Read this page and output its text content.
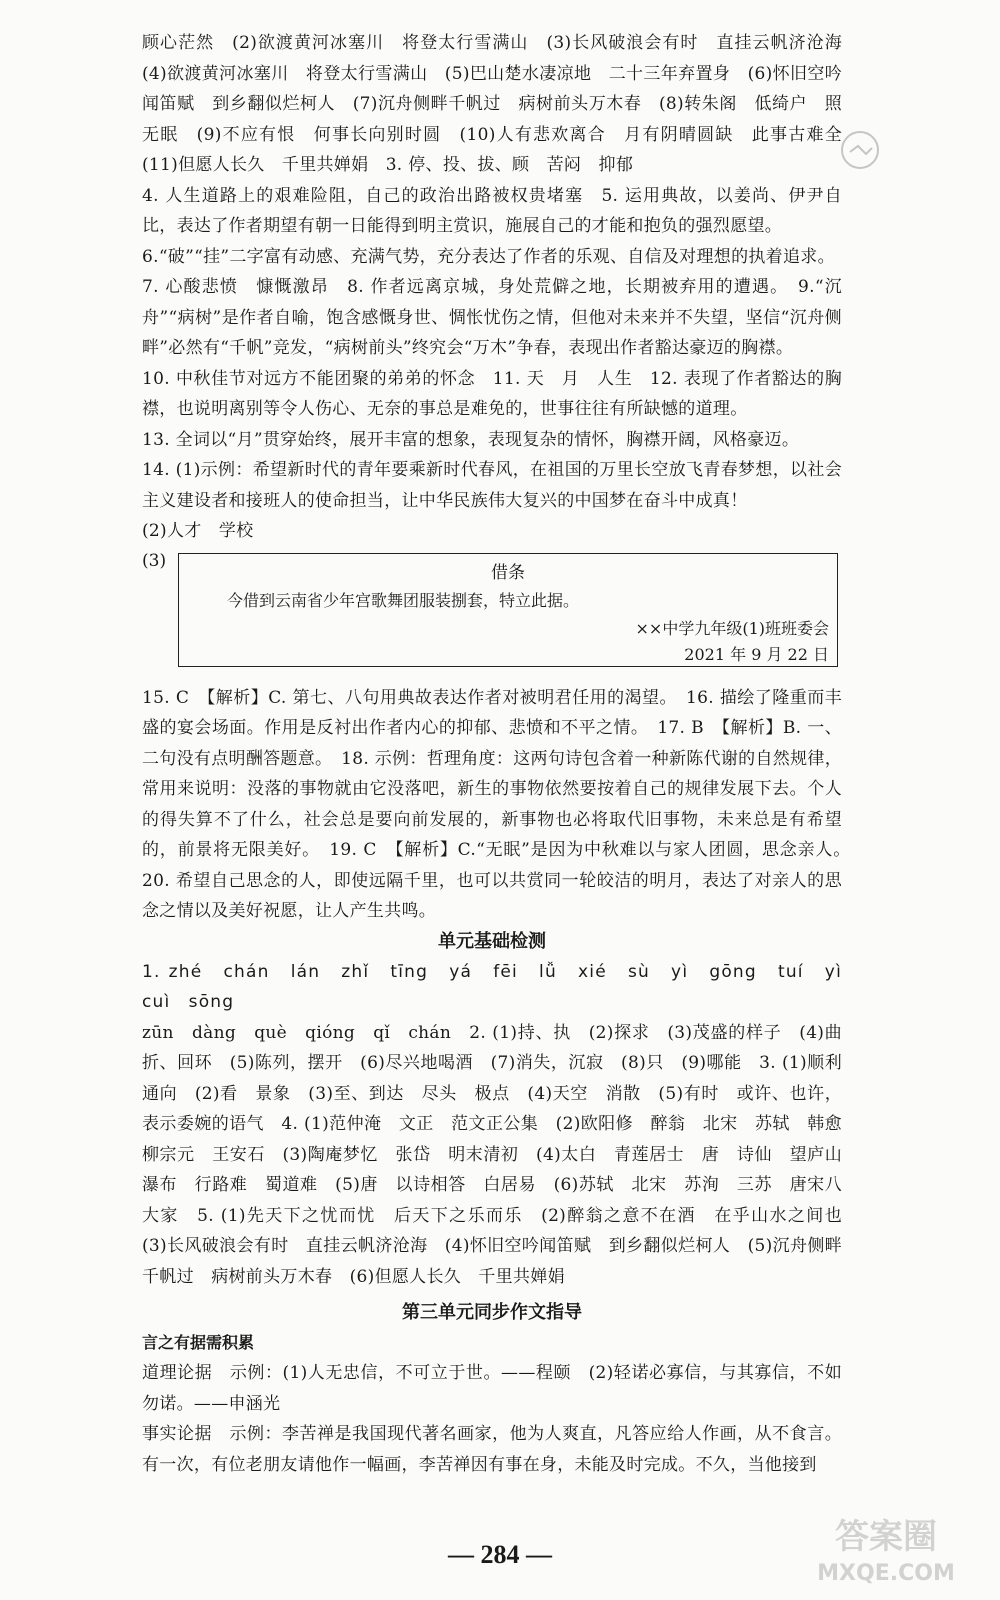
顾心茫然　(2)欲渡黄河冰塞川　将登太行雪满山　(3)长风破浪会有时　直挂云帆济沧海　(4)欲渡黄河冰塞川　将登太行雪满山　(5)巴山楚水凄凉地　二十三年弃置身　(6)怀旧空吟闻笛赋　到乡翻似烂柯人　(7)沉舟侧畔千帆过　病树前头万木春　(8)转朱阁　低绮户　照无眠　(9)不应有恨　何事长向别时圆　(10)人有悲欢离合　月有阴晴圆缺　此事古难全　(11)但愿人长久　千里共婵娟　3. 停、投、拔、顾　苦闷　抑郁

4. 人生道路上的艰难险阻，自己的政治出路被权贵堵塞　5. 运用典故，以姜尚、伊尹自比，表达了作者期望有朝一日能得到明主赏识，施展自己的才能和抱负的强烈愿望。

6.“破”“挂”二字富有动感、充满气势，充分表达了作者的乐观、自信及对理想的执着追求。

7. 心酸悲愤　慷慨激昂　8. 作者远离京城，身处荒僻之地，长期被弃用的遭遇。　9.“沉舟”“病树”是作者自喻，饱含感慨身世、惆怅忧伤之情，但他对未来并不失望，坚信“沉舟侧畔”必然有“千帆”竞发，“病树前头”终究会“万木”争春，表现出作者豁达豪迈的胸襟。

10. 中秋佳节对远方不能团聚的弟弟的怀念　11. 天　月　人生　12. 表现了作者豁达的胸襟，也说明离别等令人伤心、无奈的事总是难免的，世事往往有所缺憾的道理。

13. 全词以“月”贯穿始终，展开丰富的想象，表现复杂的情怀，胸襟开阔，风格豪迈。

14. (1)示例：希望新时代的青年要乘新时代春风，在祖国的万里长空放飞青春梦想，以社会主义建设者和接班人的使命担当，让中华民族伟大复兴的中国梦在奋斗中成真！

(2)人才　学校

(3)
借条
今借到云南省少年宫歌舞团服装捌套，特立此据。
××中学九年级(1)班班委会
2021 年 9 月 22 日

15. C　【解析】C. 第七、八句用典故表达作者对被明君任用的渴望。　16. 描绘了隆重而丰盛的宴会场面。作用是反衬出作者内心的抑郁、悲愤和不平之情。　17. B　【解析】B. 一、二句没有点明酬答题意。　18. 示例：哲理角度：这两句诗包含着一种新陈代谢的自然规律，常用来说明：没落的事物就由它没落吧，新生的事物依然要按着自己的规律发展下去。个人的得失算不了什么，社会总是要向前发展的，新事物也必将取代旧事物，未来总是有希望的，前景将无限美好。　19. C　【解析】C.“无眠”是因为中秋难以与家人团圆，思念亲人。　20. 希望自己思念的人，即使远隔千里，也可以共赏同一轮皎洁的明月，表达了对亲人的思念之情以及美好祝愿，让人产生共鸣。

单元基础检测

1. zhé　chán　lán　zhǐ　tīng　yá　fēi　lǚ　xié　sù　yì　gōng　tuí　yì　cuì　sōng

zūn　dàng　què　qióng　qǐ　chán　2. (1)持、执　(2)探求　(3)茂盛的样子　(4)曲折、回环　(5)陈列，摆开　(6)尽兴地喝酒　(7)消失，沉寂　(8)只　(9)哪能　3. (1)顺利　通向　(2)看　景象　(3)至、到达　尽头　极点　(4)天空　消散　(5)有时　或许、也许，表示委婉的语气　4. (1)范仲淹　文正　范文正公集　(2)欧阳修　醉翁　北宋　苏轼　韩愈　柳宗元　王安石　(3)陶庵梦忆　张岱　明末清初　(4)太白　青莲居士　唐　诗仙　望庐山瀑布　行路难　蜀道难　(5)唐　以诗相答　白居易　(6)苏轼　北宋　苏洵　三苏　唐宋八大家　5. (1)先天下之忧而忧　后天下之乐而乐　(2)醉翁之意不在酒　在乎山水之间也　(3)长风破浪会有时　直挂云帆济沧海　(4)怀旧空吟闻笛赋　到乡翻似烂柯人　(5)沉舟侧畔千帆过　病树前头万木春　(6)但愿人长久　千里共婵娟

第三单元同步作文指导

言之有据需积累

道理论据　示例：(1)人无忠信，不可立于世。——程颐　(2)轻诺必寡信，与其寡信，不如勿诺。——申涵光

事实论据　示例：李苦禅是我国现代著名画家，他为人爽直，凡答应给人作画，从不食言。有一次，有位老朋友请他作一幅画，李苦禅因有事在身，未能及时完成。不久，当他接到

— 284 —	答案圈
MXQE.COM
